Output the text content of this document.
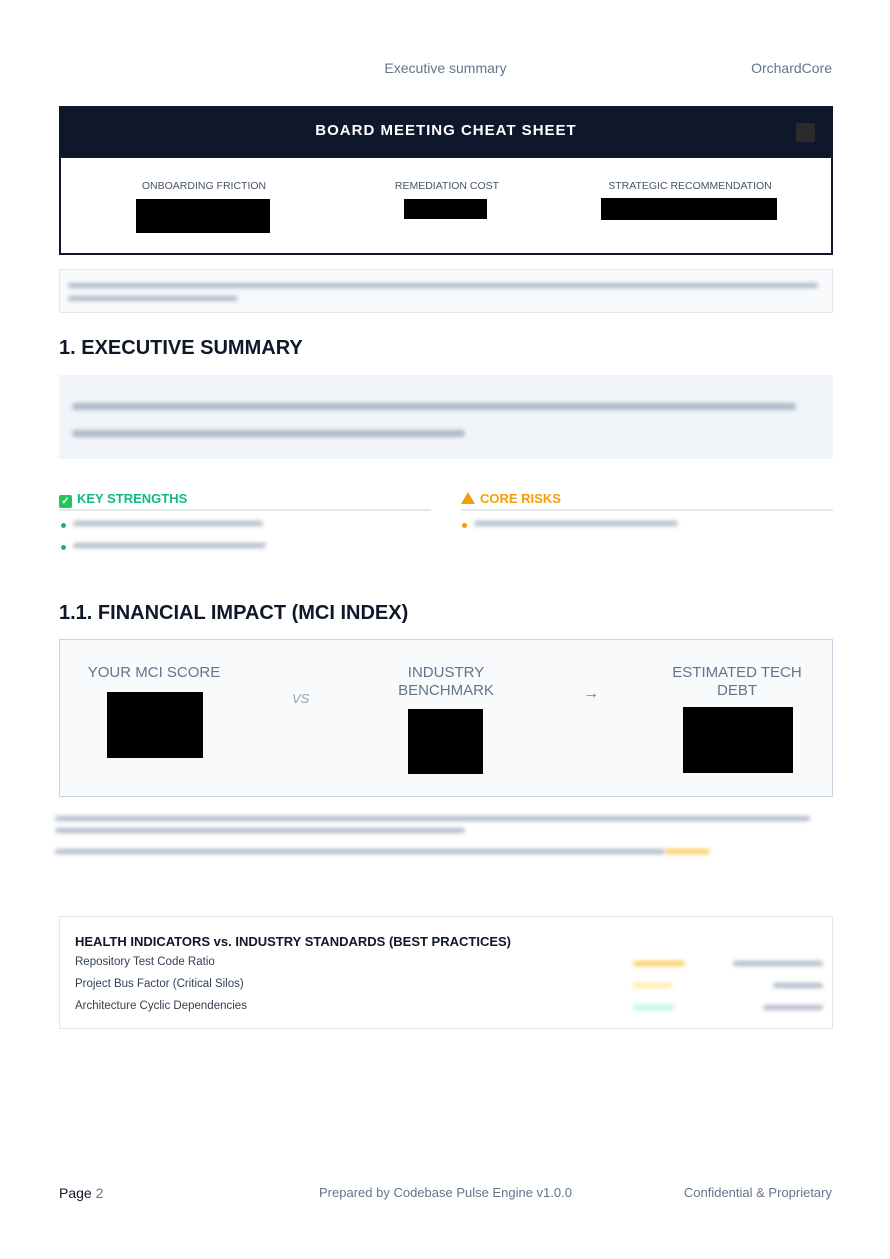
Executive summary	OrchardCore
BOARD MEETING CHEAT SHEET
ONBOARDING FRICTION	REMEDIATION COST	STRATEGIC RECOMMENDATION
1. EXECUTIVE SUMMARY
✓ KEY STRENGTHS	CORE RISKS
1.1. FINANCIAL IMPACT (MCI INDEX)
YOUR MCI SCORE
VS
INDUSTRY BENCHMARK	→
ESTIMATED TECH DEBT
HEALTH INDICATORS vs. INDUSTRY STANDARDS (BEST PRACTICES)
Repository Test Code Ratio
Project Bus Factor (Critical Silos)
Architecture Cyclic Dependencies
Page 2	Prepared by Codebase Pulse Engine v1.0.0	Confidential & Proprietary
